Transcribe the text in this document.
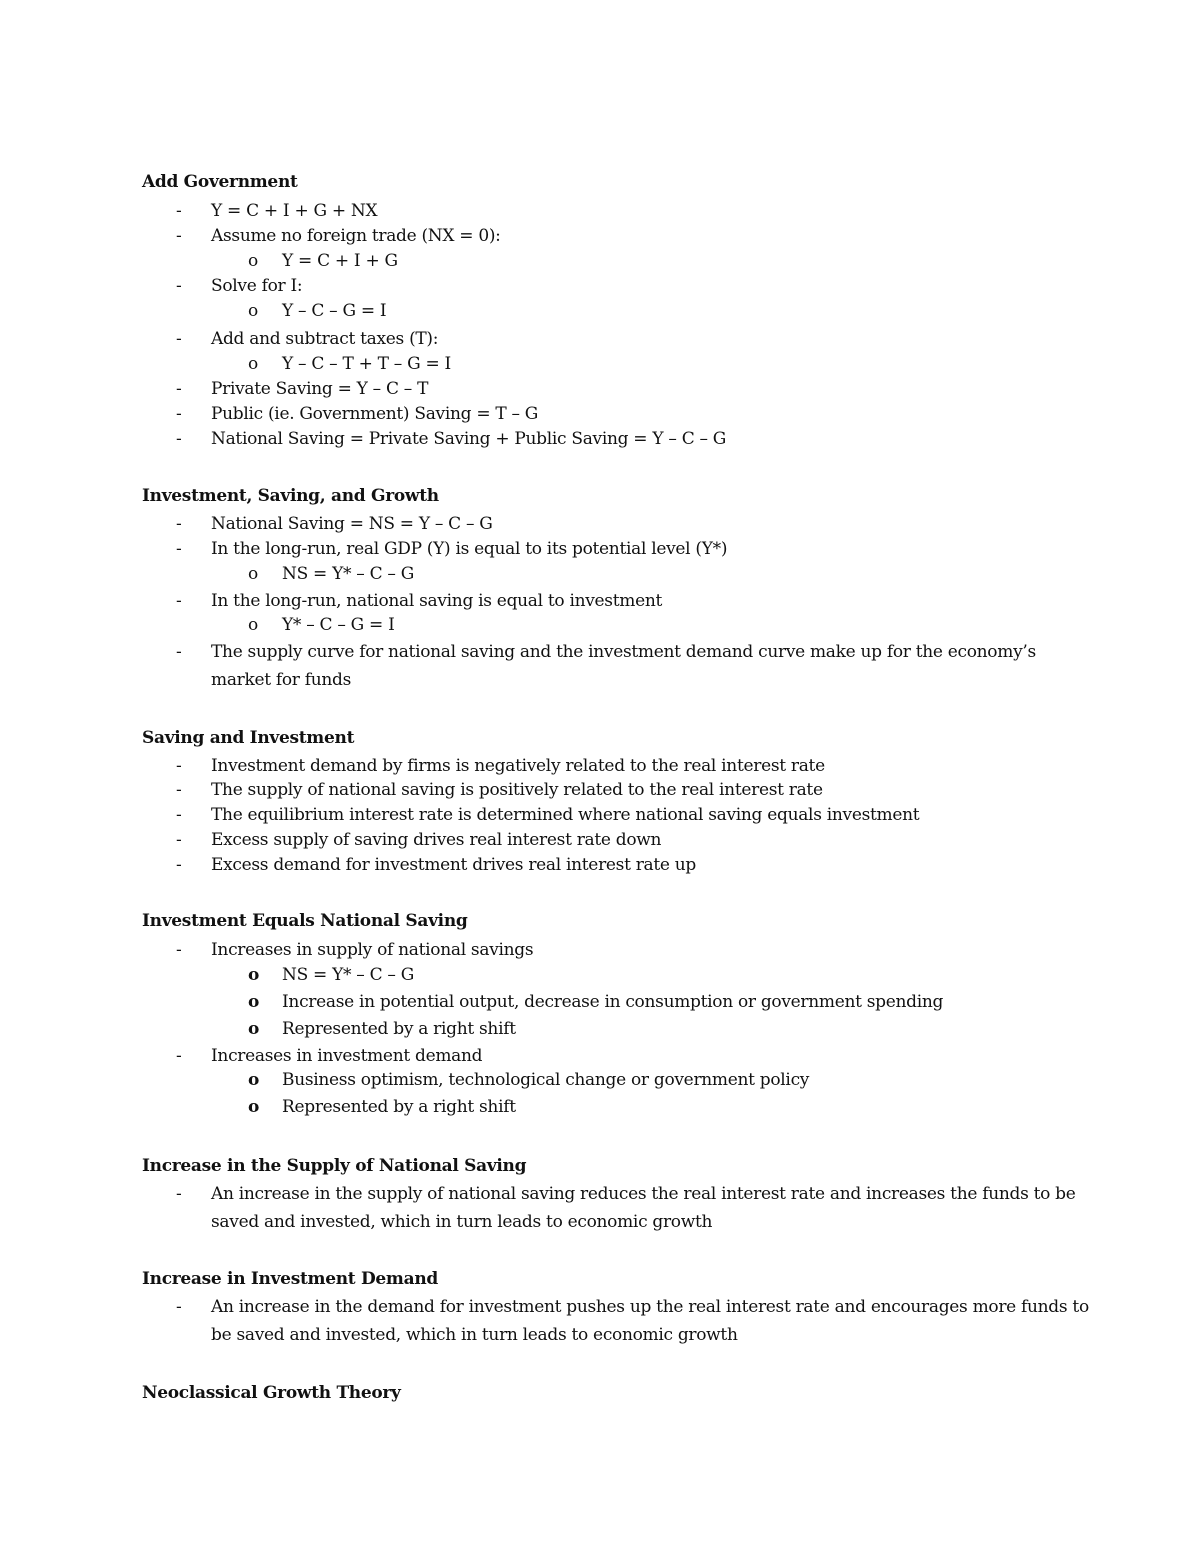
Add Government
- Y = C + I + G + NX
- Assume no foreign trade (NX = 0):
o Y = C + I + G
- Solve for I:
o Y – C – G = I
- Add and subtract taxes (T):
o Y – C – T + T – G = I
- Private Saving = Y – C – T
- Public (ie. Government) Saving = T – G
- National Saving = Private Saving + Public Saving = Y – C – G
Investment, Saving, and Growth
- National Saving = NS = Y – C – G
- In the long-run, real GDP (Y) is equal to its potential level (Y*)
o NS = Y* – C – G
- In the long-run, national saving is equal to investment
o Y* – C – G = I
- The supply curve for national saving and the investment demand curve make up for the economy’s
market for funds
Saving and Investment
- Investment demand by firms is negatively related to the real interest rate
- The supply of national saving is positively related to the real interest rate
- The equilibrium interest rate is determined where national saving equals investment
- Excess supply of saving drives real interest rate down
- Excess demand for investment drives real interest rate up
Investment Equals National Saving
- Increases in supply of national savings
o NS = Y* – C – G
o Increase in potential output, decrease in consumption or government spending
o Represented by a right shift
- Increases in investment demand
o Business optimism, technological change or government policy
o Represented by a right shift
Increase in the Supply of National Saving
- An increase in the supply of national saving reduces the real interest rate and increases the funds to be
saved and invested, which in turn leads to economic growth
Increase in Investment Demand
- An increase in the demand for investment pushes up the real interest rate and encourages more funds to
be saved and invested, which in turn leads to economic growth
Neoclassical Growth Theory
